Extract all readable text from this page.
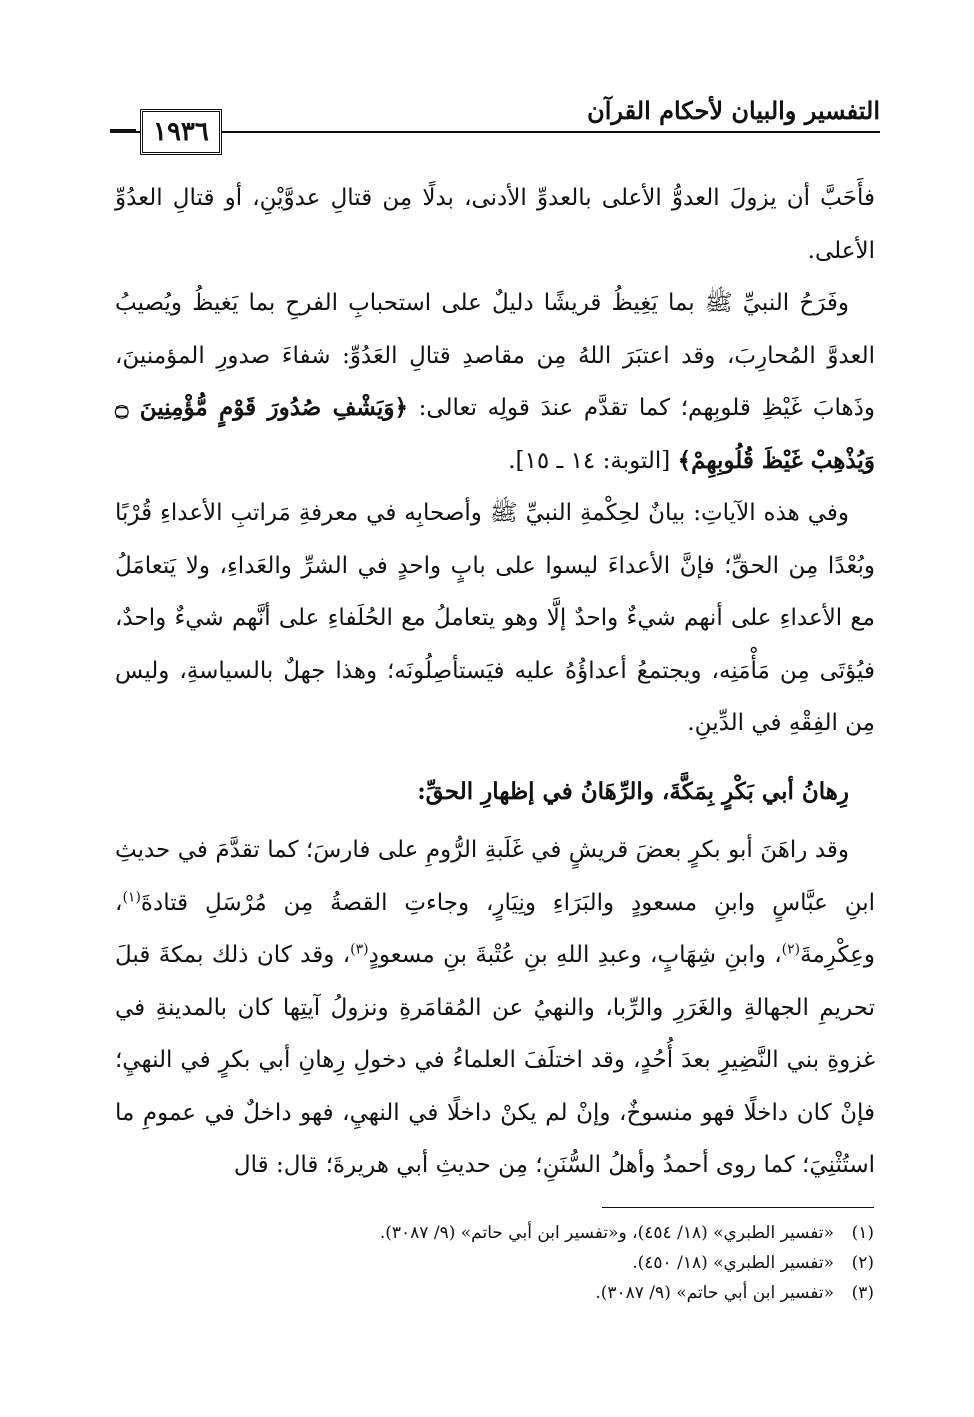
التفسير والبيان لأحكام القرآن
١٩٣٦

فأَحَبَّ أن يزولَ العدوُّ الأعلى بالعدوِّ الأدنى، بدلًا مِن قتالِ عدوَّيْنِ، أو قتالِ العدُوِّ الأعلى.

وفَرَحُ النبيِّ ﷺ بما يَغِيظُ قريشًا دليلٌ على استحبابِ الفرحِ بما يَغيظُ ويُصيبُ العدوَّ المُحارِبَ، وقد اعتبَرَ اللهُ مِن مقاصدِ قتالِ العَدُوِّ: شفاءَ صدورِ المؤمنينَ، وذَهابَ غَيْظِ قلوبِهم؛ كما تقدَّم عندَ قولِه تعالى: ﴿وَيَشْفِ صُدُورَ قَوْمٍ مُّؤْمِنِينَ ۝ وَيُذْهِبْ غَيْظَ قُلُوبِهِمْ﴾ [التوبة: ١٤ ـ ١٥].

وفي هذه الآياتِ: بيانٌ لحِكْمةِ النبيِّ ﷺ وأصحابِه في معرفةِ مَراتبِ الأعداءِ قُرْبًا وبُعْدًا مِن الحقِّ؛ فإنَّ الأعداءَ ليسوا على بابٍ واحدٍ في الشرِّ والعَداءِ، ولا يَتعامَلُ مع الأعداءِ على أنهم شيءٌ واحدٌ إلَّا وهو يتعاملُ مع الحُلَفاءِ على أنَّهم شيءٌ واحدٌ، فيُؤتَى مِن مَأْمَنِه، ويجتمعُ أعداؤُهُ عليه فيَستأصِلُونَه؛ وهذا جهلٌ بالسياسةِ، وليس مِن الفِقْهِ في الدِّينِ.

رِهانُ أبي بَكْرٍ بِمَكَّةَ، والرِّهَانُ في إظهارِ الحقِّ:

وقد راهَنَ أبو بكرٍ بعضَ قريشٍ في غَلَبةِ الرُّومِ على فارسَ؛ كما تقدَّمَ في حديثِ ابنِ عبَّاسٍ وابنِ مسعودٍ والبَرَاءِ ونِيَارٍ، وجاءتِ القصةُ مِن مُرْسَلِ قتادةَ$^{(١)}$، وعِكْرِمةَ$^{(٢)}$، وابنِ شِهَابٍ، وعبدِ اللهِ بنِ عُتْبةَ بنِ مسعودٍ$^{(٣)}$، وقد كان ذلك بمكةَ قبلَ تحريمِ الجهالةِ والغَرَرِ والرِّبا، والنهيُ عن المُقامَرةِ ونزولُ آيتِها كان بالمدينةِ في غزوةِ بني النَّضِيرِ بعدَ أُحُدٍ، وقد اختلَفَ العلماءُ في دخولِ رِهانِ أبي بكرٍ في النهيِ؛ فإنْ كان داخلًا فهو منسوخٌ، وإنْ لم يكنْ داخلًا في النهيِ، فهو داخلٌ في عمومِ ما استُثْنِيَ؛ كما روى أحمدُ وأهلُ السُّنَنِ؛ مِن حديثِ أبي هريرةَ؛ قال: قال

(١)«تفسير الطبري» (١٨/ ٤٥٤)، و«تفسير ابن أبي حاتم» (٩/ ٣٠٨٧).
(٢)«تفسير الطبري» (١٨/ ٤٥٠).
(٣)«تفسير ابن أبي حاتم» (٩/ ٣٠٨٧).
